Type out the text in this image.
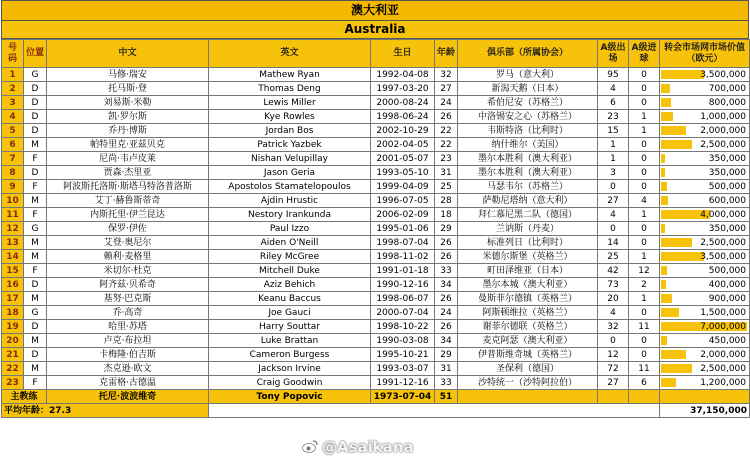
澳大利亚
Australia
号码	位置	中文	英文	生日	年龄	俱乐部（所属协会）	A级出场	A级进球	转会市场网市场价值（欧元）
1	G	马修·瑞安	Mathew Ryan	1992-04-08	32	罗马（意大利）	95	0	3,500,000
2	D	托马斯·登	Thomas Deng	1997-03-20	27	新潟天鹅（日本）	4	0	700,000
3	D	刘易斯·米勒	Lewis Miller	2000-08-24	24	希伯尼安（苏格兰）	6	0	800,000
4	D	凯·罗尔斯	Kye Rowles	1998-06-24	26	中洛锡安之心（苏格兰）	23	1	1,000,000
5	D	乔丹·博斯	Jordan Bos	2002-10-29	22	韦斯特洛（比利时）	15	1	2,000,000
6	M	帕特里克·亚兹贝克	Patrick Yazbek	2002-04-05	22	纳什维尔（美国）	1	0	2,500,000
7	F	尼尚·韦卢皮莱	Nishan Velupillay	2001-05-07	23	墨尔本胜利（澳大利亚）	1	0	350,000
8	D	贾森·杰里亚	Jason Geria	1993-05-10	31	墨尔本胜利（澳大利亚）	3	0	350,000
9	F	阿波斯托洛斯·斯塔马特洛普洛斯	Apostolos Stamatelopoulos	1999-04-09	25	马瑟韦尔（苏格兰）	0	0	500,000
10	M	艾丁·赫鲁斯蒂奇	Ajdin Hrustic	1996-07-05	28	萨勒尼塔纳（意大利）	27	4	600,000
11	F	内斯托里·伊兰昆达	Nestory Irankunda	2006-02-09	18	拜仁慕尼黑二队（德国）	4	1	4,000,000
12	G	保罗·伊佐	Paul Izzo	1995-01-06	29	兰讷斯（丹麦）	0	0	350,000
13	M	艾登·奥尼尔	Aiden O'Neill	1998-07-04	26	标准列日（比利时）	14	0	2,500,000
14	M	赖利·麦格里	Riley McGree	1998-11-02	26	米德尔斯堡（英格兰）	25	1	3,500,000
15	F	米切尔·杜克	Mitchell Duke	1991-01-18	33	町田泽维亚（日本）	42	12	500,000
16	D	阿齐兹·贝希奇	Aziz Behich	1990-12-16	34	墨尔本城（澳大利亚）	73	2	400,000
17	M	基努·巴克斯	Keanu Baccus	1998-06-07	26	曼斯菲尔德镇（英格兰）	20	1	900,000
18	G	乔·高奇	Joe Gauci	2000-07-04	24	阿斯顿维拉（英格兰）	4	0	1,500,000
19	D	哈里·苏塔	Harry Souttar	1998-10-22	26	谢菲尔德联（英格兰）	32	11	7,000,000
20	M	卢克·布拉坦	Luke Brattan	1990-03-08	34	麦克阿瑟（澳大利亚）	0	0	450,000
21	D	卡梅隆·伯吉斯	Cameron Burgess	1995-10-21	29	伊普斯维奇城（英格兰）	12	0	2,000,000
22	M	杰克逊·欧文	Jackson Irvine	1993-03-07	31	圣保利（德国）	72	11	2,500,000
23	F	克雷格·古德温	Craig Goodwin	1991-12-16	33	沙特统一（沙特阿拉伯）	27	6	1,200,000
主教练		托尼·波波维奇	Tony Popovic	1973-07-04	51				
平均年龄：27.3									37,150,000
@Asaikana
